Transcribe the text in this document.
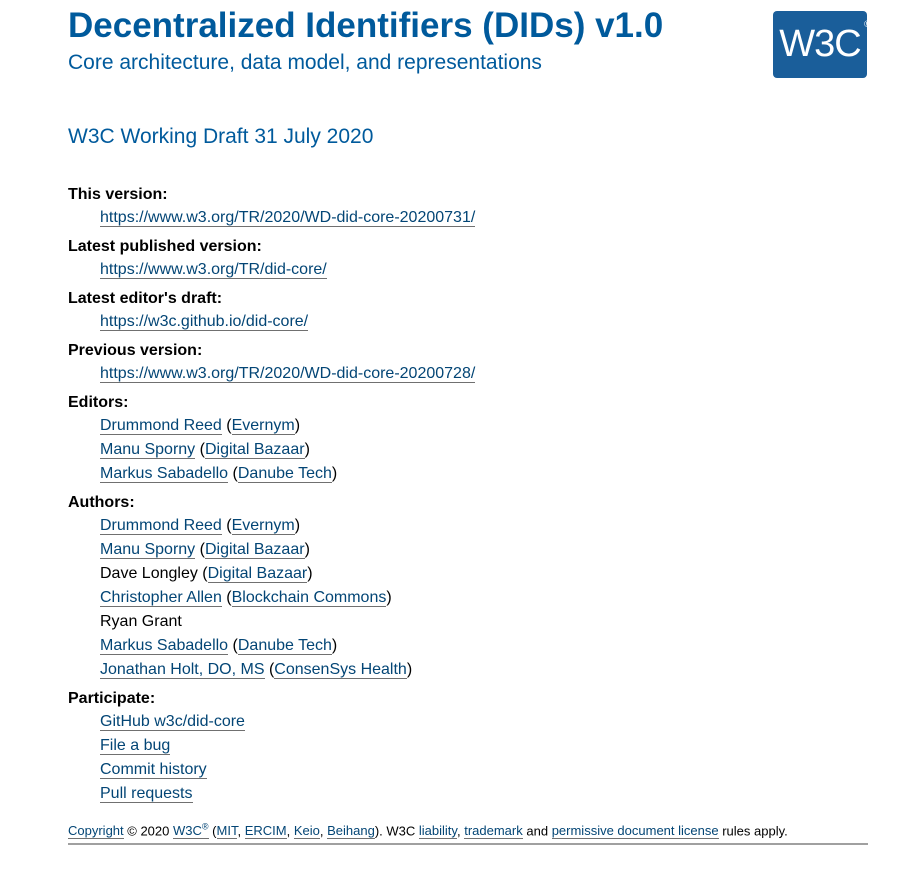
Decentralized Identifiers (DIDs) v1.0

Core architecture, data model, and representations	W3C ®

W3C Working Draft 31 July 2020

This version:
https://www.w3.org/TR/2020/WD-did-core-20200731/
Latest published version:
https://www.w3.org/TR/did-core/
Latest editor's draft:
https://w3c.github.io/did-core/
Previous version:
https://www.w3.org/TR/2020/WD-did-core-20200728/
Editors:
Drummond Reed (Evernym)
Manu Sporny (Digital Bazaar)
Markus Sabadello (Danube Tech)
Authors:
Drummond Reed (Evernym)
Manu Sporny (Digital Bazaar)
Dave Longley (Digital Bazaar)
Christopher Allen (Blockchain Commons)
Ryan Grant
Markus Sabadello (Danube Tech)
Jonathan Holt, DO, MS (ConsenSys Health)
Participate:
GitHub w3c/did-core
File a bug
Commit history
Pull requests

Copyright © 2020 W3C® (MIT, ERCIM, Keio, Beihang). W3C liability, trademark and permissive document license rules apply.
